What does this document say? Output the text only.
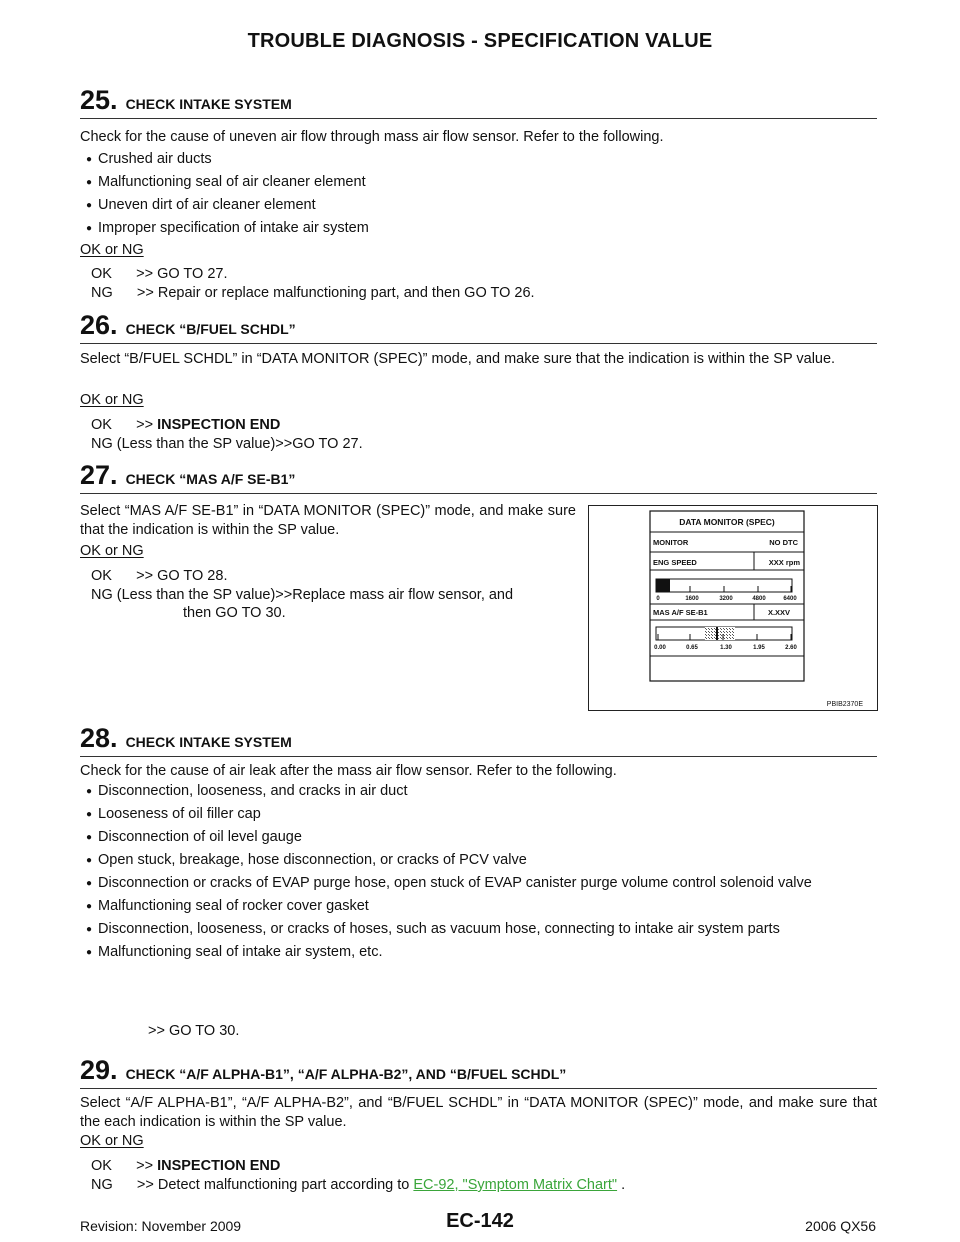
TROUBLE DIAGNOSIS - SPECIFICATION VALUE
25 . CHECK INTAKE SYSTEM
Check for the cause of uneven air flow through mass air flow sensor. Refer to the following.
● Crushed air ducts
● Malfunctioning seal of air cleaner element
● Uneven dirt of air cleaner element
● Improper specification of intake air system
OK or NG
OK      >> GO TO 27.
NG      >> Repair or replace malfunctioning part, and then GO TO 26.
26 . CHECK “B/FUEL SCHDL”
Select “B/FUEL SCHDL” in “DATA MONITOR (SPEC)” mode, and make sure that the indication is within the SP value.
OK or NG
OK      >> INSPECTION END
NG (Less than the SP value)>>GO TO 27.
27 . CHECK “MAS A/F SE-B1”
Select “MAS A/F SE-B1” in “DATA MONITOR (SPEC)” mode, and make sure that the indication is within the SP value.
OK or NG
OK      >> GO TO 28.
NG (Less than the SP value)>>Replace mass air flow sensor, and
then GO TO 30.
DATA MONITOR (SPEC)
MONITOR	NO DTC
ENG SPEED	XXX rpm
0	1600	3200	4800	6400
MAS A/F SE-B1	X.XXV
0.00	0.65	1.30	1.95	2.60
PBIB2370E
28 . CHECK INTAKE SYSTEM
Check for the cause of air leak after the mass air flow sensor. Refer to the following.
● Disconnection, looseness, and cracks in air duct
● Looseness of oil filler cap
● Disconnection of oil level gauge
● Open stuck, breakage, hose disconnection, or cracks of PCV valve
● Disconnection or cracks of EVAP purge hose, open stuck of EVAP canister purge volume control solenoid valve
● Malfunctioning seal of rocker cover gasket
● Disconnection, looseness, or cracks of hoses, such as vacuum hose, connecting to intake air system parts
● Malfunctioning seal of intake air system, etc.
>> GO TO 30.
29 . CHECK “A/F ALPHA-B1”, “A/F ALPHA-B2”, AND “B/FUEL SCHDL”
Select “A/F ALPHA-B1”, “A/F ALPHA-B2”, and “B/FUEL SCHDL” in “DATA MONITOR (SPEC)” mode, and make sure that the each indication is within the SP value.
OK or NG
OK      >> INSPECTION END
NG      >> Detect malfunctioning part according to EC-92, "Symptom Matrix Chart" .
Revision: November 2009	EC-142	2006 QX56
